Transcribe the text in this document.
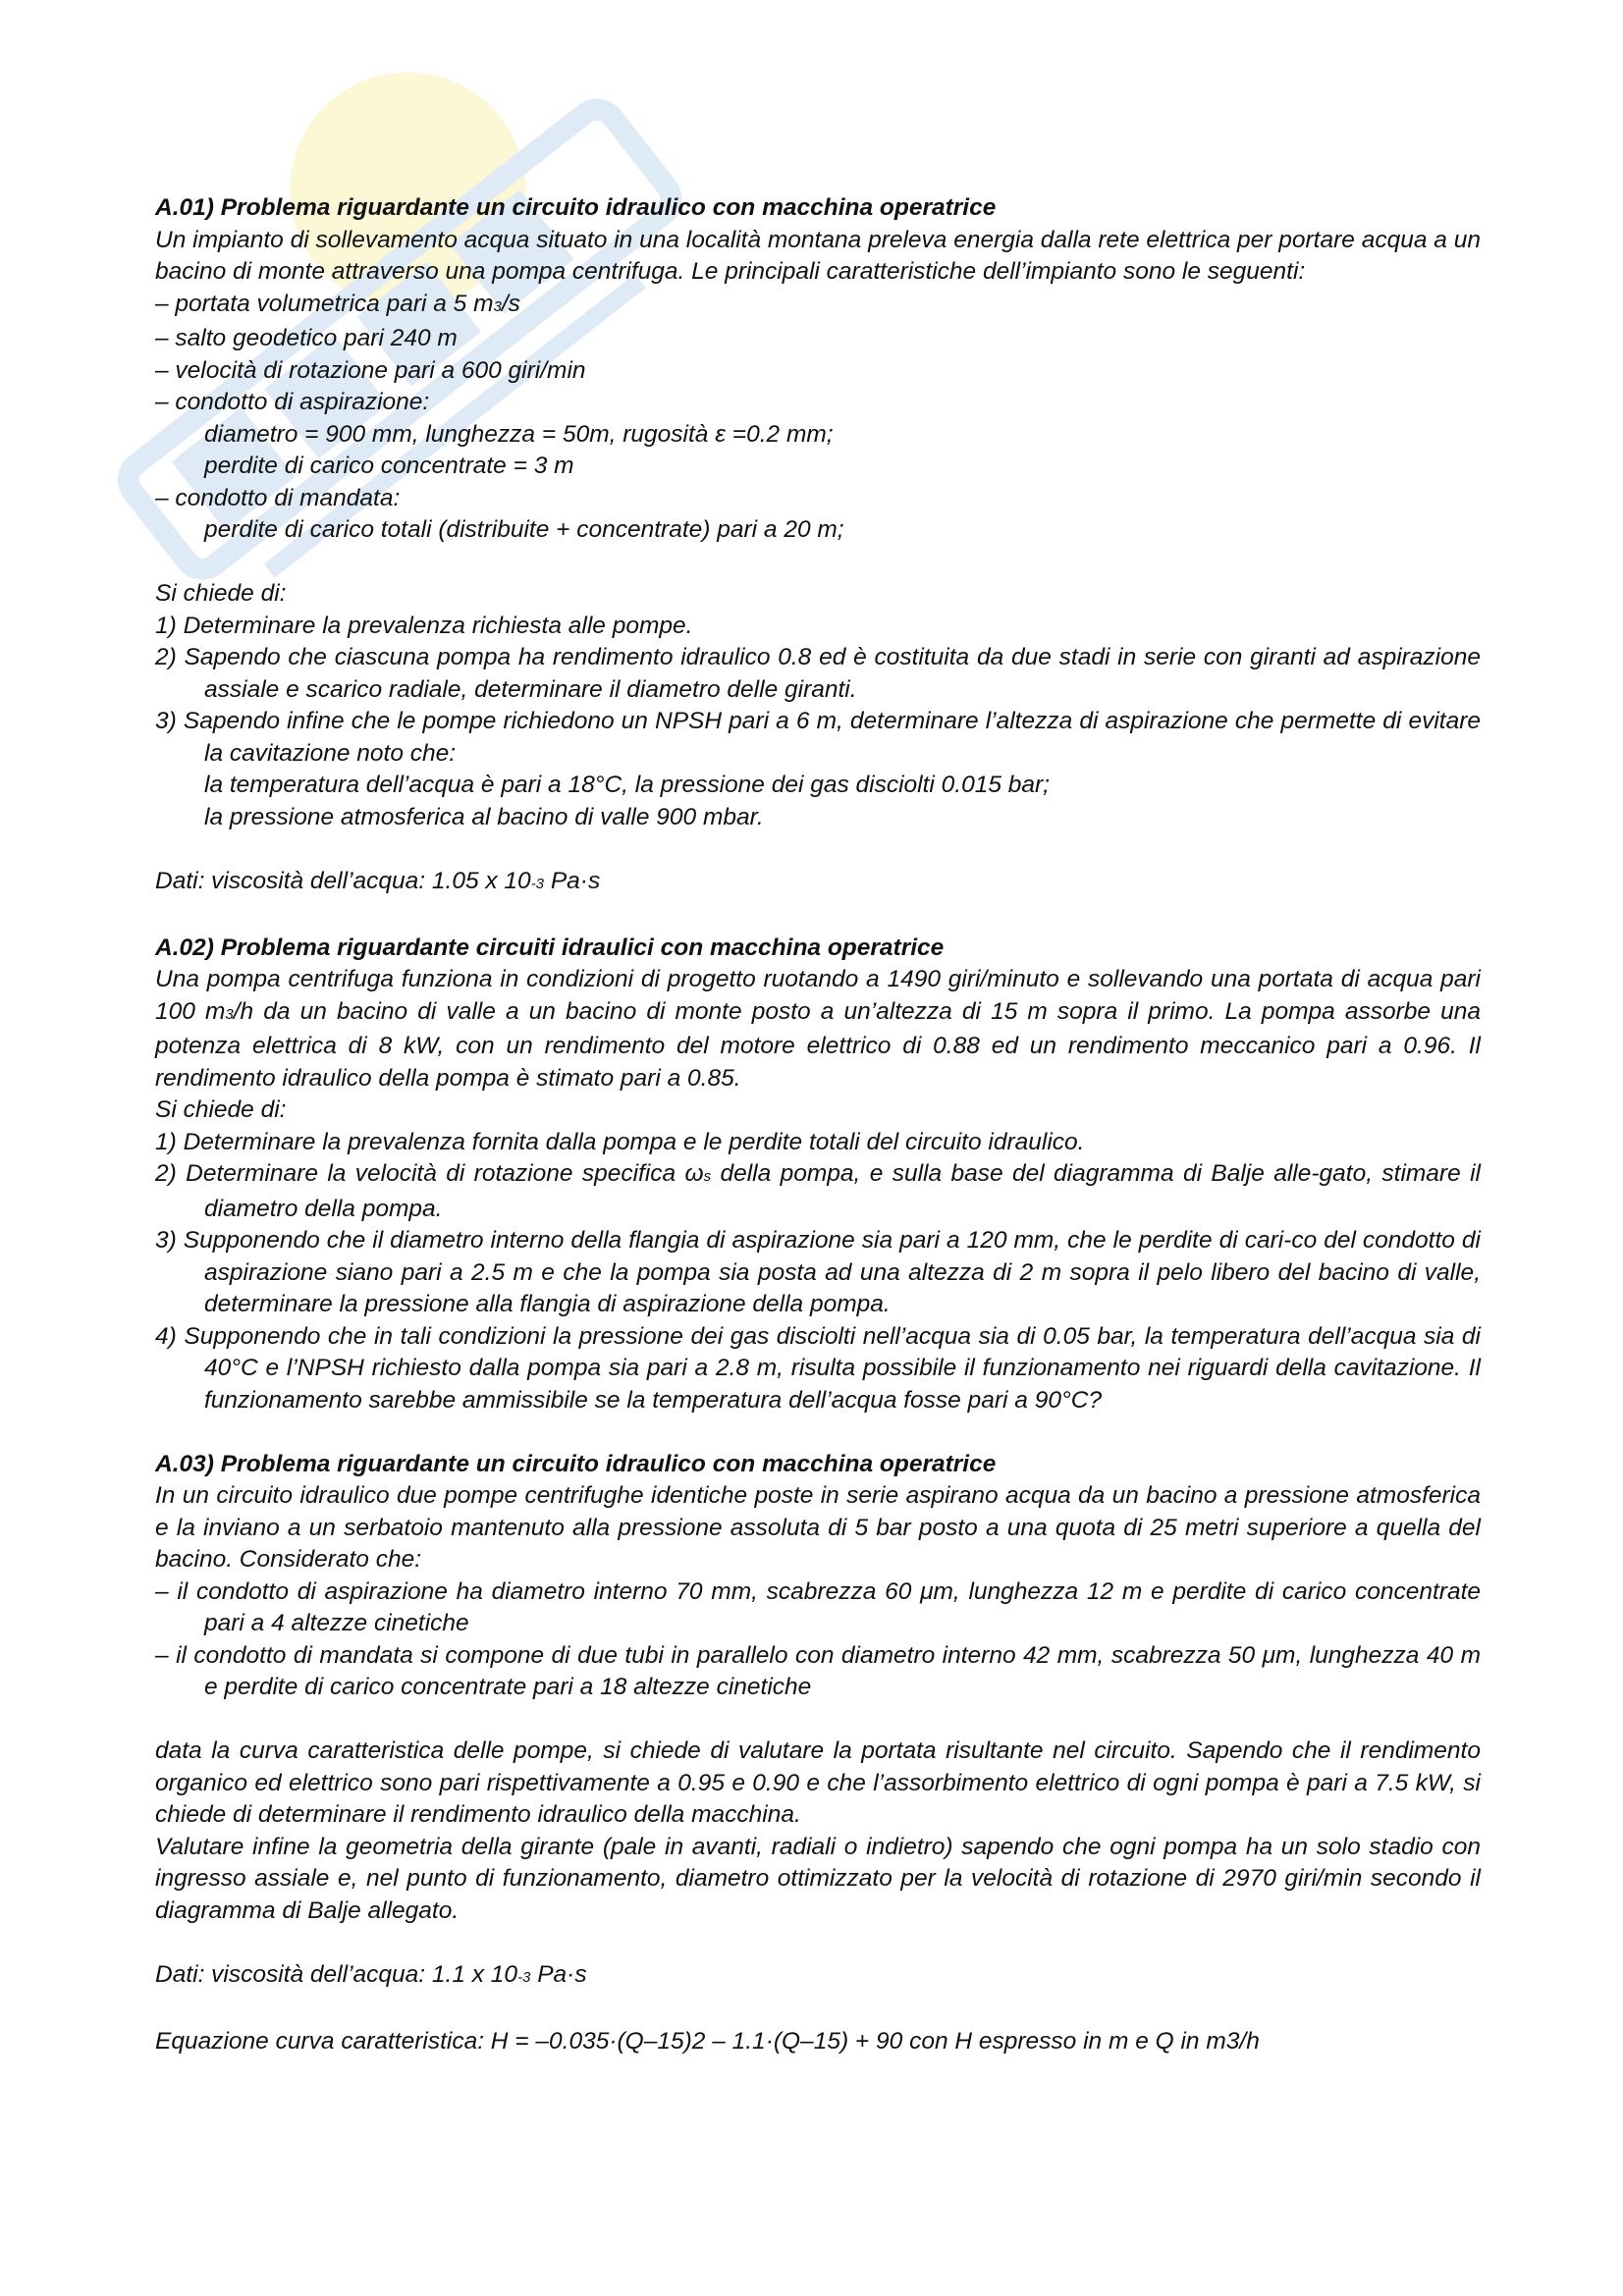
A.01) Problema riguardante un circuito idraulico con macchina operatrice

Un impianto di sollevamento acqua situato in una località montana preleva energia dalla rete elettrica per portare acqua a un bacino di monte attraverso una pompa centrifuga. Le principali caratteristiche dell’impianto sono le seguenti:

– portata volumetrica pari a 5 m3/s

– salto geodetico pari 240 m

– velocità di rotazione pari a 600 giri/min

– condotto di aspirazione:

diametro = 900 mm, lunghezza = 50m, rugosità ε =0.2 mm;

perdite di carico concentrate = 3 m

– condotto di mandata:

perdite di carico totali (distribuite + concentrate) pari a 20 m;

Si chiede di:

1) Determinare la prevalenza richiesta alle pompe.

2) Sapendo che ciascuna pompa ha rendimento idraulico 0.8 ed è costituita da due stadi in serie con giranti ad aspirazione assiale e scarico radiale, determinare il diametro delle giranti.

3) Sapendo infine che le pompe richiedono un NPSH pari a 6 m, determinare l’altezza di aspirazione che permette di evitare la cavitazione noto che:

la temperatura dell’acqua è pari a 18°C, la pressione dei gas disciolti 0.015 bar;

la pressione atmosferica al bacino di valle 900 mbar.

Dati: viscosità dell’acqua: 1.05 x 10-3 Pa·s

A.02) Problema riguardante circuiti idraulici con macchina operatrice

Una pompa centrifuga funziona in condizioni di progetto ruotando a 1490 giri/minuto e sollevando una portata di acqua pari 100 m3/h da un bacino di valle a un bacino di monte posto a un’altezza di 15 m sopra il primo. La pompa assorbe una potenza elettrica di 8 kW, con un rendimento del motore elettrico di 0.88 ed un rendimento meccanico pari a 0.96. Il rendimento idraulico della pompa è stimato pari a 0.85.

Si chiede di:

1) Determinare la prevalenza fornita dalla pompa e le perdite totali del circuito idraulico.

2) Determinare la velocità di rotazione specifica ωs della pompa, e sulla base del diagramma di Balje alle-gato, stimare il diametro della pompa.

3) Supponendo che il diametro interno della flangia di aspirazione sia pari a 120 mm, che le perdite di cari-co del condotto di aspirazione siano pari a 2.5 m e che la pompa sia posta ad una altezza di 2 m sopra il pelo libero del bacino di valle, determinare la pressione alla flangia di aspirazione della pompa.

4) Supponendo che in tali condizioni la pressione dei gas disciolti nell’acqua sia di 0.05 bar, la temperatura dell’acqua sia di 40°C e l’NPSH richiesto dalla pompa sia pari a 2.8 m, risulta possibile il funzionamento nei riguardi della cavitazione. Il funzionamento sarebbe ammissibile se la temperatura dell’acqua fosse pari a 90°C?

A.03) Problema riguardante un circuito idraulico con macchina operatrice

In un circuito idraulico due pompe centrifughe identiche poste in serie aspirano acqua da un bacino a pressione atmosferica e la inviano a un serbatoio mantenuto alla pressione assoluta di 5 bar posto a una quota di 25 metri superiore a quella del bacino. Considerato che:

– il condotto di aspirazione ha diametro interno 70 mm, scabrezza 60 μm, lunghezza 12 m e perdite di carico concentrate pari a 4 altezze cinetiche

– il condotto di mandata si compone di due tubi in parallelo con diametro interno 42 mm, scabrezza 50 μm, lunghezza 40 m e perdite di carico concentrate pari a 18 altezze cinetiche

data la curva caratteristica delle pompe, si chiede di valutare la portata risultante nel circuito. Sapendo che il rendimento organico ed elettrico sono pari rispettivamente a 0.95 e 0.90 e che l’assorbimento elettrico di ogni pompa è pari a 7.5 kW, si chiede di determinare il rendimento idraulico della macchina.

Valutare infine la geometria della girante (pale in avanti, radiali o indietro) sapendo che ogni pompa ha un solo stadio con ingresso assiale e, nel punto di funzionamento, diametro ottimizzato per la velocità di rotazione di 2970 giri/min secondo il diagramma di Balje allegato.

Dati: viscosità dell’acqua: 1.1 x 10-3 Pa·s

Equazione curva caratteristica: H = –0.035·(Q–15)2 – 1.1·(Q–15) + 90 con H espresso in m e Q in m3/h
